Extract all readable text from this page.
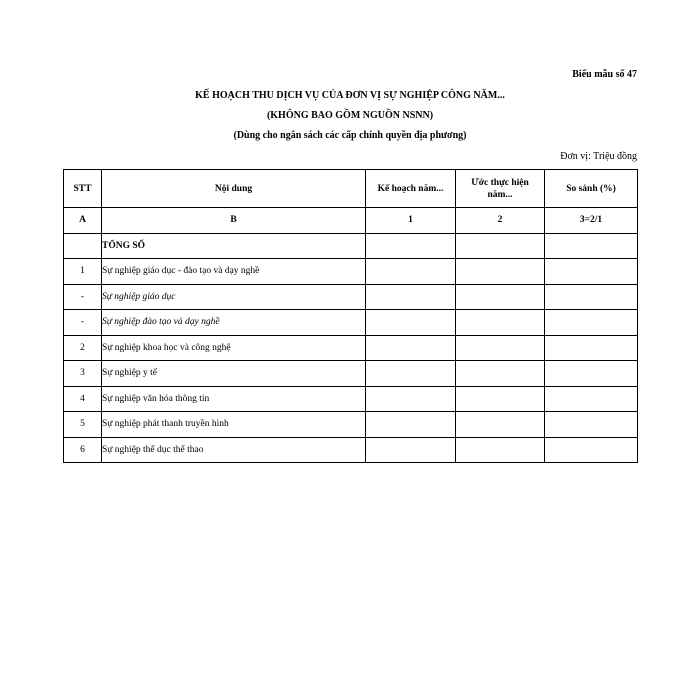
Biểu mẫu số 47
KẾ HOẠCH THU DỊCH VỤ CỦA ĐƠN VỊ SỰ NGHIỆP CÔNG NĂM...
(KHÔNG BAO GỒM NGUỒN NSNN)
(Dùng cho ngân sách các cấp chính quyền địa phương)
Đơn vị: Triệu đồng
STT	Nội dung	Kế hoạch năm...	Ước thực hiện năm...	So sánh (%)
A	B	1	2	3=2/1
	TỔNG SỐ			
1	Sự nghiệp giáo dục - đào tạo và dạy nghề			
-	Sự nghiệp giáo dục			
-	Sự nghiệp đào tạo và dạy nghề			
2	Sự nghiệp khoa học và công nghệ			
3	Sự nghiệp y tế			
4	Sự nghiệp văn hóa thông tin			
5	Sự nghiệp phát thanh truyền hình			
6	Sự nghiệp thể dục thể thao			
